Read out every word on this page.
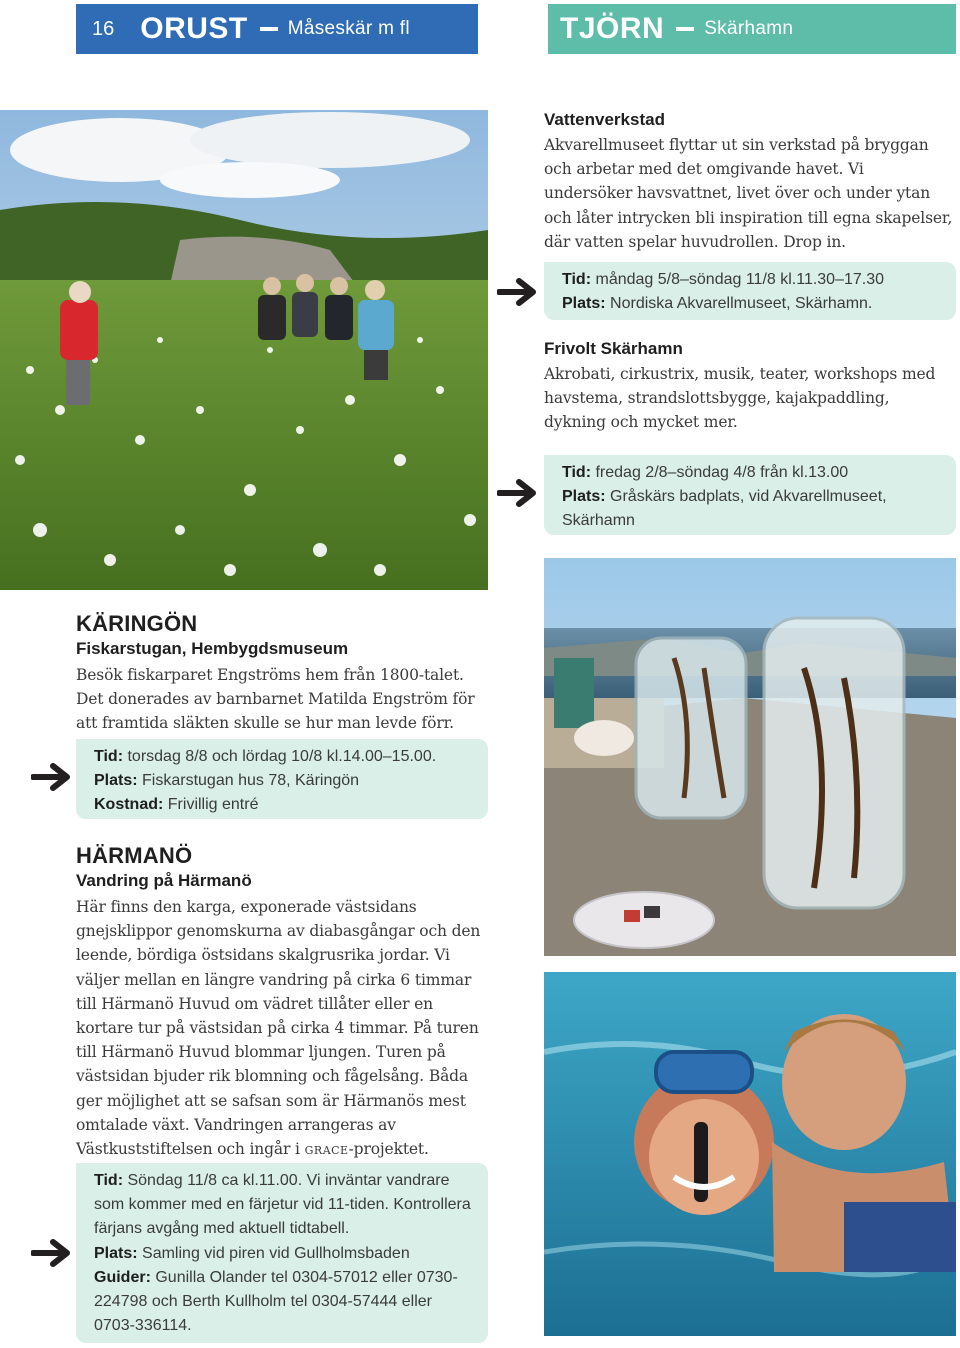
16 ORUST Måseskär m fl	TJÖRN Skärhamn
Vattenverkstad
Akvarellmuseet flyttar ut sin verkstad på bryggan och arbetar med det omgivande havet. Vi undersöker havsvattnet, livet över och under ytan och låter intrycken bli inspiration till egna skapelser, där vatten spelar huvudrollen. Drop in.
Tid: måndag 5/8–söndag 11/8 kl.11.30–17.30
Plats: Nordiska Akvarellmuseet, Skärhamn.
Frivolt Skärhamn
Akrobati, cirkustrix, musik, teater, workshops med havstema, strandslottsbygge, kajakpaddling, dykning och mycket mer.
Tid: fredag 2/8–söndag 4/8 från kl.13.00
Plats: Gråskärs badplats, vid Akvarellmuseet, Skärhamn
KÄRINGÖN
Fiskarstugan, Hembygdsmuseum
Besök fiskarparet Engströms hem från 1800-talet. Det donerades av barnbarnet Matilda Engström för att framtida släkten skulle se hur man levde förr.
Tid: torsdag 8/8 och lördag 10/8 kl.14.00–15.00.
Plats: Fiskarstugan hus 78, Käringön
Kostnad: Frivillig entré
HÄRMANÖ
Vandring på Härmanö
Här finns den karga, exponerade västsidans gnejsklippor genomskurna av diabasgångar och den leende, bördiga östsidans skalgrusrika jordar. Vi väljer mellan en längre vandring på cirka 6 timmar till Härmanö Huvud om vädret tillåter eller en kortare tur på västsidan på cirka 4 timmar. På turen till Härmanö Huvud blommar ljungen. Turen på västsidan bjuder rik blomning och fågelsång. Båda ger möjlighet att se safsan som är Härmanös mest omtalade växt. Vandringen arrangeras av Västkuststiftelsen och ingår i grace-projektet.
Tid: Söndag 11/8 ca kl.11.00. Vi inväntar vandrare som kommer med en färjetur vid 11-tiden. Kontrollera färjans avgång med aktuell tidtabell.
Plats: Samling vid piren vid Gullholmsbaden
Guider: Gunilla Olander tel 0304-57012 eller 0730-224798 och Berth Kullholm tel 0304-57444 eller 0703-336114.
